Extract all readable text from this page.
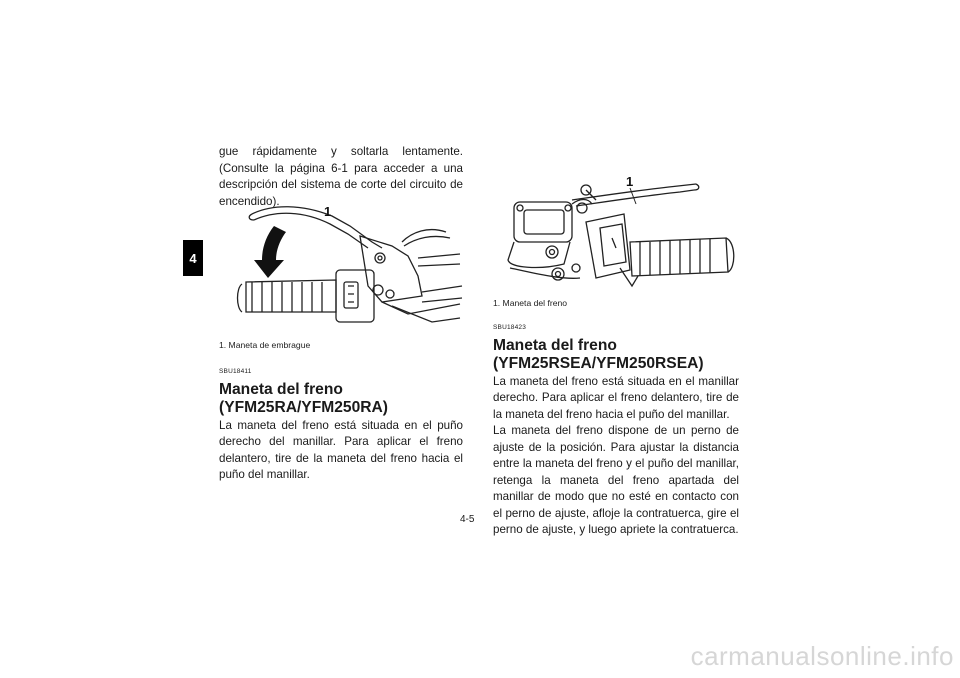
4

gue rápidamente y soltarla lentamente. (Consulte la página 6-1 para acceder a una descripción del sistema de corte del circuito de encendido).

1
1. Maneta de embrague

SBU18411

Maneta del freno

(YFM25RA/YFM250RA)

La maneta del freno está situada en el puño derecho del manillar. Para aplicar el freno delantero, tire de la maneta del freno hacia el puño del manillar.

1
1. Maneta del freno

SBU18423

Maneta del freno

(YFM25RSEA/YFM250RSEA)

La maneta del freno está situada en el manillar derecho. Para aplicar el freno delantero, tire de la maneta del freno hacia el puño del manillar.

La maneta del freno dispone de un perno de ajuste de la posición. Para ajustar la distancia entre la maneta del freno y el puño del manillar, retenga la maneta del freno apartada del manillar de modo que no esté en contacto con el perno de ajuste, afloje la contratuerca, gire el perno de ajuste, y luego apriete la contratuerca.

4-5
carmanualsonline.info
